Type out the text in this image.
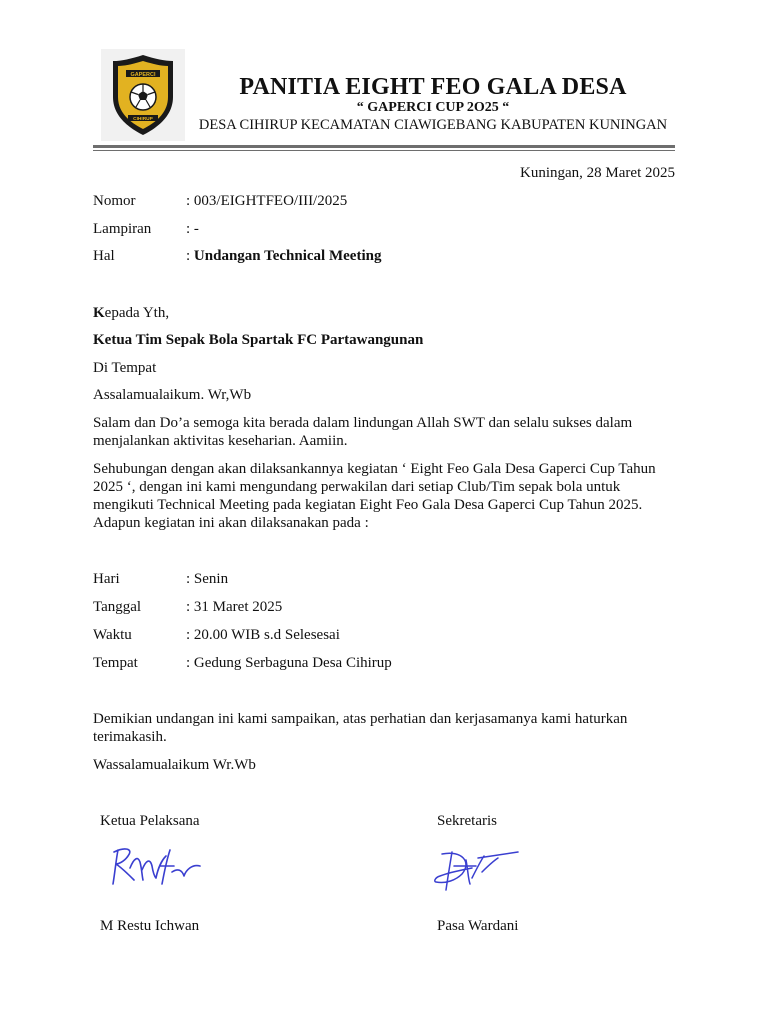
GAPERCI
CIHIRUP
PANITIA EIGHT FEO GALA DESA
“ GAPERCI CUP 2O25 “
DESA CIHIRUP KECAMATAN CIAWIGEBANG KABUPATEN KUNINGAN
Kuningan, 28 Maret 2025
Nomor	: 003/EIGHTFEO/III/2025
Lampiran : -
Hal	: Undangan Technical Meeting
Kepada Yth,
Ketua Tim Sepak Bola Spartak FC Partawangunan
Di Tempat
Assalamualaikum. Wr,Wb
Salam dan Do’a semoga kita berada dalam lindungan Allah SWT dan selalu sukses dalam menjalankan aktivitas keseharian. Aamiin.
Sehubungan dengan akan dilaksankannya kegiatan ‘ Eight Feo Gala Desa Gaperci Cup Tahun 2025 ‘, dengan ini kami mengundang perwakilan dari setiap Club/Tim sepak bola untuk mengikuti Technical Meeting pada kegiatan Eight Feo Gala Desa Gaperci Cup Tahun 2025. Adapun kegiatan ini akan dilaksanakan pada :
Hari	: Senin
Tanggal	: 31 Maret 2025
Waktu	: 20.00 WIB s.d Selesesai
Tempat	: Gedung Serbaguna Desa Cihirup
Demikian undangan ini kami sampaikan, atas perhatian dan kerjasamanya kami haturkan terimakasih.
Wassalamualaikum Wr.Wb
Ketua Pelaksana	Sekretaris
M Restu Ichwan	Pasa Wardani
